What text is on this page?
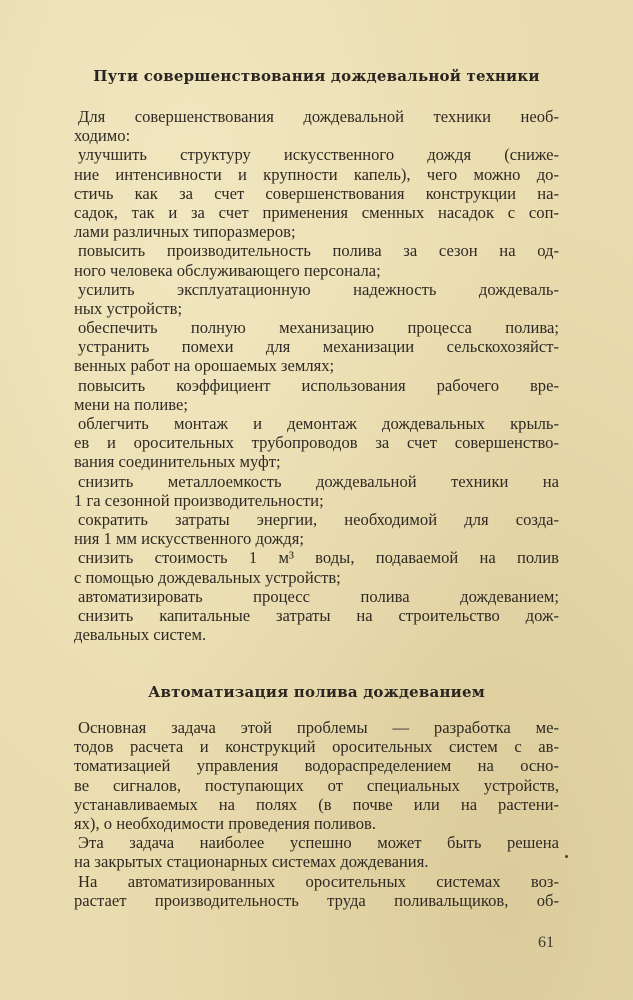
Пути совершенствования дождевальной техники
Для совершенствования дождевальной техники необ-
ходимо:
улучшить структуру искусственного дождя (сниже-
ние интенсивности и крупности капель), чего можно до-
стичь как за счет совершенствования конструкции на-
садок, так и за счет применения сменных насадок с соп-
лами различных типоразмеров;
повысить производительность полива за сезон на од-
ного человека обслуживающего персонала;
усилить эксплуатационную надежность дождеваль-
ных устройств;
обеспечить полную механизацию процесса полива;
устранить помехи для механизации сельскохозяйст-
венных работ на орошаемых землях;
повысить коэффициент использования рабочего вре-
мени на поливе;
облегчить монтаж и демонтаж дождевальных крыль-
ев и оросительных трубопроводов за счет совершенство-
вания соединительных муфт;
снизить металлоемкость дождевальной техники на
1 га сезонной производительности;
сократить затраты энергии, необходимой для созда-
ния 1 мм искусственного дождя;
снизить стоимость 1 м³ воды, подаваемой на полив
с помощью дождевальных устройств;
автоматизировать процесс полива дождеванием;
снизить капитальные затраты на строительство дож-
девальных систем.
Автоматизация полива дождеванием
Основная задача этой проблемы — разработка ме-
тодов расчета и конструкций оросительных систем с ав-
томатизацией управления водораспределением на осно-
ве сигналов, поступающих от специальных устройств,
устанавливаемых на полях (в почве или на растени-
ях), о необходимости проведения поливов.
Эта задача наиболее успешно может быть решена
на закрытых стационарных системах дождевания.
На автоматизированных оросительных системах воз-
растает производительность труда поливальщиков, об-
61
